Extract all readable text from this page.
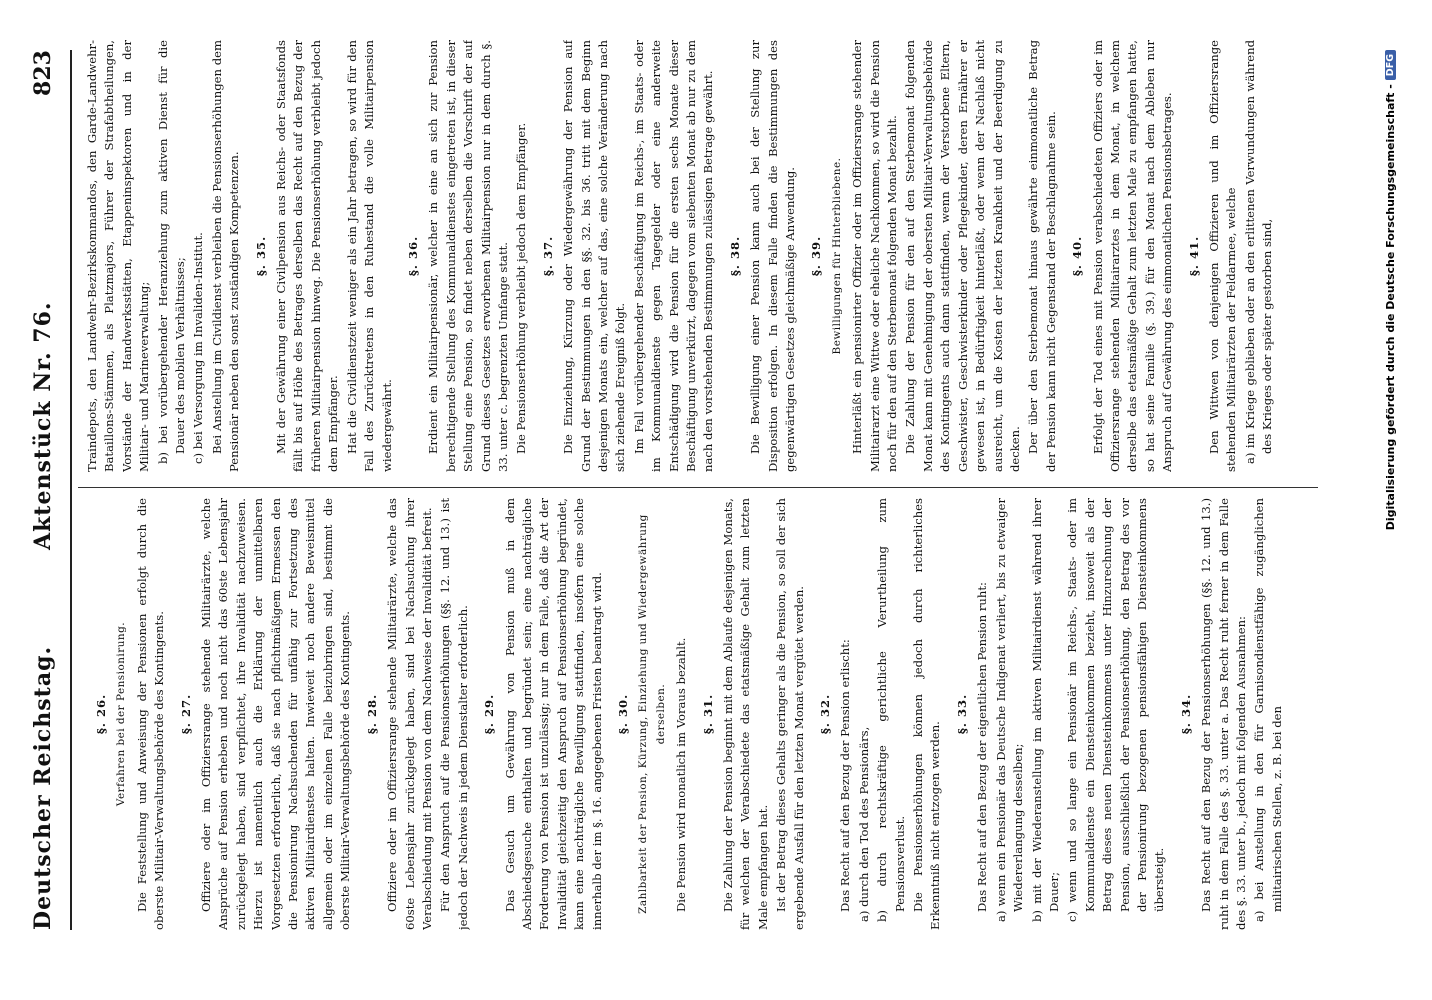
Deutscher Reichstag.
Aktenstück Nr. 76.
823
§. 26. Verfahren bei der Pensionirung. Die Feststellung und Anweisung der Pensionen erfolgt durch die oberste Militair-Verwaltungsbehörde des Kontingents. §. 27. Offiziere oder im Offiziersrange stehende Militairärzte, welche Ansprüche auf Pension erheben und noch nicht das 60ste Lebensjahr zurückgelegt haben, sind verpflichtet, ihre Invalidität nachzuweisen. Hierzu ist namentlich auch die Erklärung der unmittelbaren Vorgesetzten erforderlich, daß sie nach pflichtmäßigem Ermessen den die Pensionirung Nachsuchenden für unfähig zur Fortsetzung des aktiven Militairdienstes halten. Inwieweit noch andere Beweismittel allgemein oder im einzelnen Falle beizubringen sind, bestimmt die oberste Militair-Verwaltungsbehörde des Kontingents. §. 28. Offiziere oder im Offiziersrange stehende Militairärzte, welche das 60ste Lebensjahr zurückgelegt haben, sind bei Nachsuchung ihrer Verabschiedung mit Pension von dem Nachweise der Invalidität befreit. Für den Anspruch auf die Pensionserhöhungen (§§. 12. und 13.) ist jedoch der Nachweis in jedem Dienstalter erforderlich. §. 29. Das Gesuch um Gewährung von Pension muß in dem Abschiedsgesuche enthalten und begründet sein; eine nachträgliche Forderung von Pension ist unzulässig; nur in dem Falle, daß die Art der Invalidität gleichzeitig den Anspruch auf Pensionserhöhung begründet, kann eine nachträgliche Bewilligung stattfinden, insofern eine solche innerhalb der im §. 16. angegebenen Fristen beantragt wird. §. 30. Zahlbarkeit der Pension, Kürzung, Einziehung und Wiedergewährung derselben. Die Pension wird monatlich im Voraus bezahlt. §. 31. Die Zahlung der Pension beginnt mit dem Ablaufe desjenigen Monats, für welchen der Verabschiedete das etatsmäßige Gehalt zum letzten Male empfangen hat. Ist der Betrag dieses Gehalts geringer als die Pension, so soll der sich ergebende Ausfall für den letzten Monat vergütet werden. §. 32. Das Recht auf den Bezug der Pension erlischt: a) durch den Tod des Pensionärs, b) durch rechtskräftige gerichtliche Verurtheilung zum Pensionsverlust. Die Pensionserhöhungen können jedoch durch richterliches Erkenntniß nicht entzogen werden.

§. 33. Das Recht auf den Bezug der eigentlichen Pension ruht: a) wenn ein Pensionär das Deutsche Indigenat verliert, bis zu etwaiger Wiedererlangung desselben; b) mit der Wiederanstellung im aktiven Militairdienst während ihrer Dauer; c) wenn und so lange ein Pensionär im Reichs-, Staats- oder im Kommunaldienste ein Diensteinkommen bezieht, insoweit als der Betrag dieses neuen Diensteinkommens unter Hinzurechnung der Pension, ausschließlich der Pensionserhöhung, den Betrag des vor der Pensionirung bezogenen pensionsfähigen Diensteinkommens übersteigt.

§. 34. Das Recht auf den Bezug der Pensionserhöhungen (§§. 12. und 13.) ruht in dem Falle des §. 33. unter a. Das Recht ruht ferner in dem Falle des §. 33. unter b., jedoch mit folgenden Ausnahmen: a) bei Anstellung in den für Garnisondienstfähige zugänglichen militairischen Stellen, z. B. bei den

Traindepots, den Landwehr-Bezirkskommandos, den Garde-Landwehr-Bataillons-Stämmen, als Platzmajors, Führer der Strafabtheilungen, Vorstände der Handwerksstätten, Etappeninspektoren und in der Militair- und Marineverwaltung; b) bei vorübergehender Heranziehung zum aktiven Dienst für die Dauer des mobilen Verhältnisses; c) bei Versorgung im Invaliden-Institut. Bei Anstellung im Civildienst verbleiben die Pensionserhöhungen dem Pensionär neben den sonst zuständigen Kompetenzen. §. 35. Mit der Gewährung einer Civilpension aus Reichs- oder Staatsfonds fällt bis auf Höhe des Betrages derselben das Recht auf den Bezug der früheren Militairpension hinweg. Die Pensionserhöhung verbleibt jedoch dem Empfänger. Hat die Civildienstzeit weniger als ein Jahr betragen, so wird für den Fall des Zurücktretens in den Ruhestand die volle Militairpension wiedergewährt.

§. 36. Erdient ein Militairpensionär, welcher in eine an sich zur Pension berechtigende Stellung des Kommunaldienstes eingetreten ist, in dieser Stellung eine Pension, so findet neben derselben die Vorschrift der auf Grund dieses Gesetzes erworbenen Militairpension nur in dem durch §. 33. unter c. begrenzten Umfange statt. Die Pensionserhöhung verbleibt jedoch dem Empfänger. §. 37. Die Einziehung, Kürzung oder Wiedergewährung der Pension auf Grund der Bestimmungen in den §§. 32. bis 36. tritt mit dem Beginn desjenigen Monats ein, welcher auf das, eine solche Veränderung nach sich ziehende Ereigniß folgt. Im Fall vorübergehender Beschäftigung im Reichs-, im Staats- oder im Kommunaldienste gegen Tagegelder oder eine anderweite Entschädigung wird die Pension für die ersten sechs Monate dieser Beschäftigung unverkürzt, dagegen vom siebenten Monat ab nur zu dem nach den vorstehenden Bestimmungen zulässigen Betrage gewährt. §. 38. Die Bewilligung einer Pension kann auch bei der Stellung zur Disposition erfolgen. In diesem Falle finden die Bestimmungen des gegenwärtigen Gesetzes gleichmäßige Anwendung. §. 39. Bewilligungen für Hinterbliebene. Hinterläßt ein pensionirter Offizier oder im Offiziersrange stehender Militairarzt eine Wittwe oder eheliche Nachkommen, so wird die Pension noch für den auf den Sterbemonat folgenden Monat bezahlt. Die Zahlung der Pension für den auf den Sterbemonat folgenden Monat kann mit Genehmigung der obersten Militair-Verwaltungsbehörde des Kontingents auch dann stattfinden, wenn der Verstorbene Eltern, Geschwister, Geschwisterkinder oder Pflegekinder, deren Ernährer er gewesen ist, in Bedürftigkeit hinterläßt, oder wenn der Nachlaß nicht ausreicht, um die Kosten der letzten Krankheit und der Beerdigung zu decken. Der über den Sterbemonat hinaus gewährte einmonatliche Betrag der Pension kann nicht Gegenstand der Beschlagnahme sein. §. 40. Erfolgt der Tod eines mit Pension verabschiedeten Offiziers oder im Offiziersrange stehenden Militairarztes in dem Monat, in welchem derselbe das etatsmäßige Gehalt zum letzten Male zu empfangen hatte, so hat seine Familie (§. 39.) für den Monat nach dem Ableben nur Anspruch auf Gewährung des einmonatlichen Pensionsbetrages. §. 41. Den Wittwen von denjenigen Offizieren und im Offiziersrange stehenden Militairärzten der Feldarmee, welche a) im Kriege geblieben oder an den erlittenen Verwundungen während des Krieges oder später gestorben sind,	Digitalisierung gefördert durch die Deutsche Forschungsgemeinschaft -DFG
